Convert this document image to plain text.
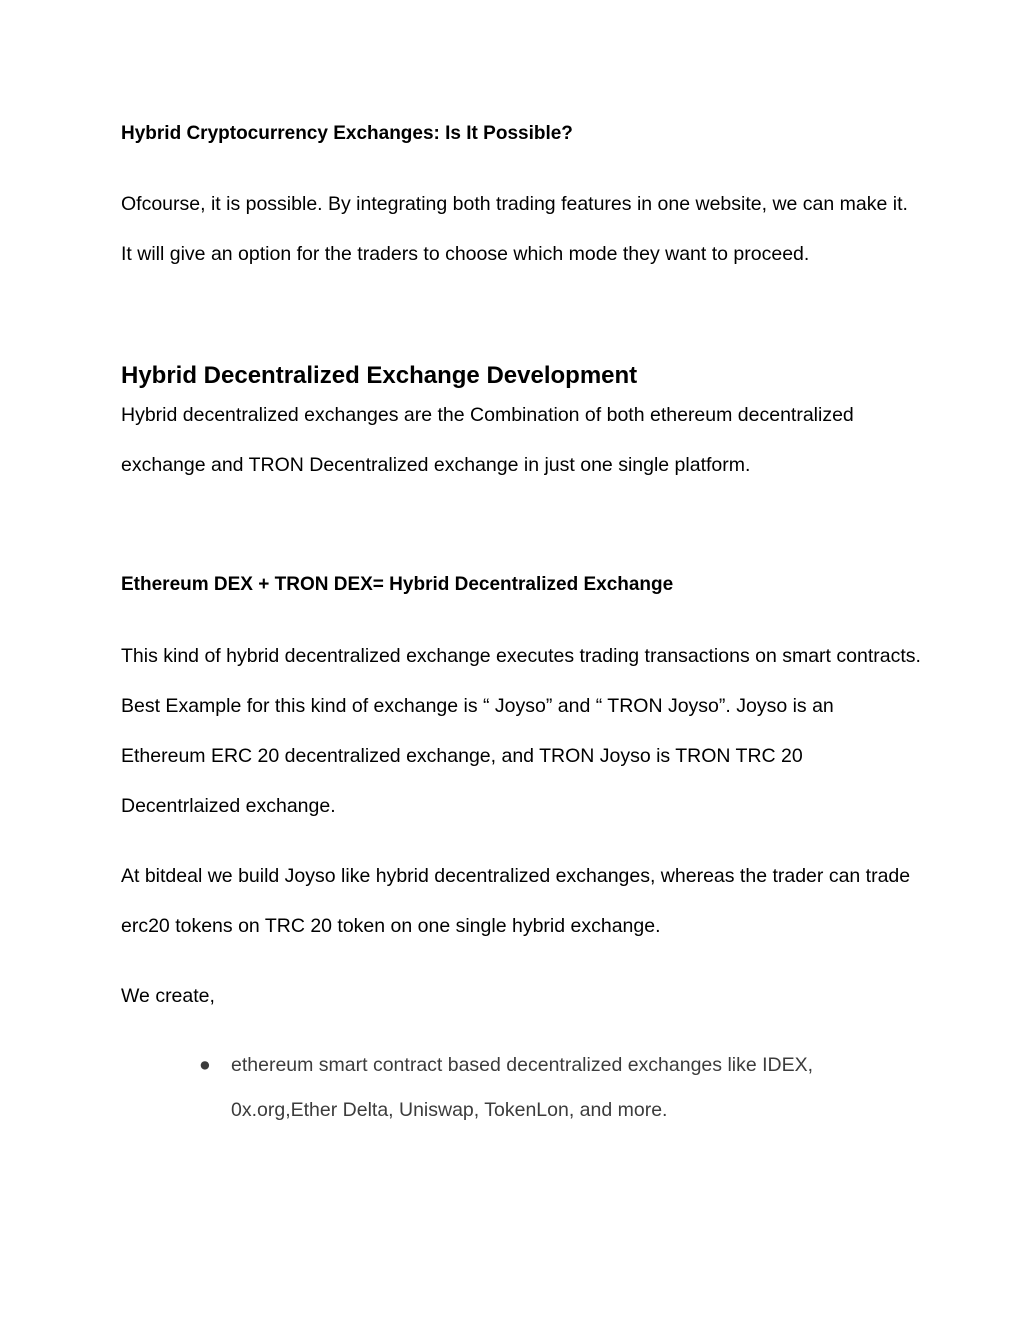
Hybrid Cryptocurrency Exchanges: Is It Possible?

Ofcourse, it is possible. By integrating both trading features in one website, we can make it. It will give an option for the traders to choose which mode they want to proceed.

Hybrid Decentralized Exchange Development

Hybrid decentralized exchanges are the Combination of both ethereum decentralized exchange and TRON Decentralized exchange in just one single platform.

Ethereum DEX + TRON DEX= Hybrid Decentralized Exchange

This kind of hybrid decentralized exchange executes trading transactions on smart contracts. Best Example for this kind of exchange is “ Joyso” and “ TRON Joyso”. Joyso is an Ethereum ERC 20 decentralized exchange, and TRON Joyso is TRON TRC 20 Decentrlaized exchange.

At bitdeal we build Joyso like hybrid decentralized exchanges, whereas the trader can trade erc20 tokens on TRC 20 token on one single hybrid exchange.

We create,

●	ethereum smart contract based decentralized exchanges like IDEX, 0x.org,Ether Delta, Uniswap, TokenLon, and more.
